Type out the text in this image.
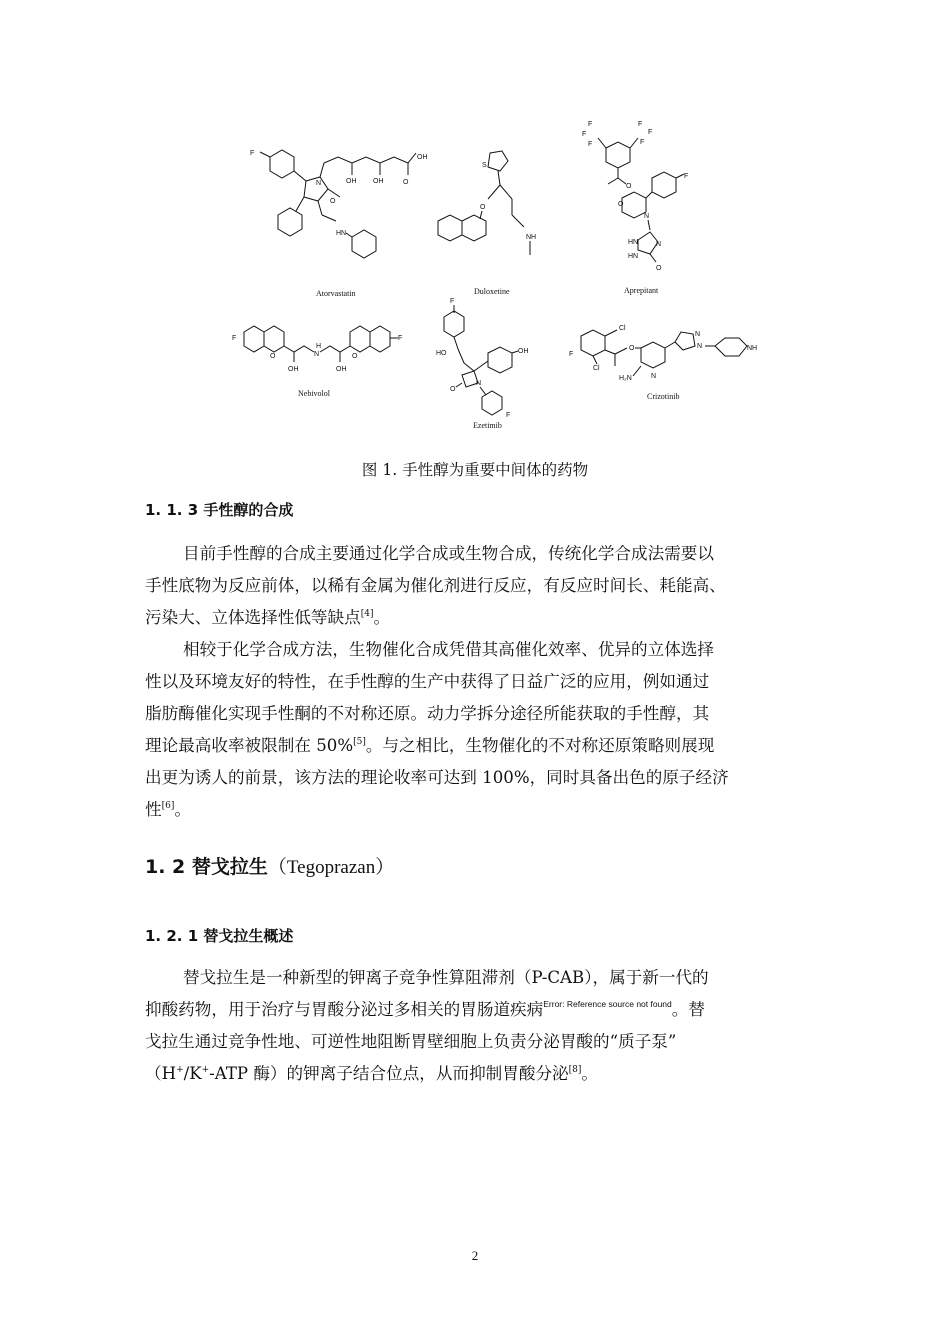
F
N	OH OH
OH
O
O
HN
Atorvastatin
S
O
NH
Duloxetine
F
F
F
F
F
F
O
O
F
N
HN
HN
N
O
Aprepitant
F
O	N
H
OH	OH
O
F
Nebivolol
F
HO	OH
O
N
F
Ezetimib
Cl
F
Cl
O
N
H₂N
N
N	NH
Crizotinib
图 1. 手性醇为重要中间体的药物
1. 1. 3 手性醇的合成
目前手性醇的合成主要通过化学合成或生物合成，传统化学合成法需要以
手性底物为反应前体，以稀有金属为催化剂进行反应，有反应时间长、耗能高、
污染大、立体选择性低等缺点[4]。
相较于化学合成方法，生物催化合成凭借其高催化效率、优异的立体选择
性以及环境友好的特性，在手性醇的生产中获得了日益广泛的应用，例如通过
脂肪酶催化实现手性酮的不对称还原。动力学拆分途径所能获取的手性醇，其
理论最高收率被限制在 50%[5]。与之相比，生物催化的不对称还原策略则展现
出更为诱人的前景，该方法的理论收率可达到 100%，同时具备出色的原子经济
性[6]。
1. 2 替戈拉生（Tegoprazan）
1. 2. 1 替戈拉生概述
替戈拉生是一种新型的钾离子竞争性算阻滞剂（P-CAB），属于新一代的
抑酸药物，用于治疗与胃酸分泌过多相关的胃肠道疾病$^{Error: Reference source not found}$。替
戈拉生通过竞争性地、可逆性地阻断胃壁细胞上负责分泌胃酸的“质子泵”
（H+/K+-ATP 酶）的钾离子结合位点，从而抑制胃酸分泌[8]。
2
